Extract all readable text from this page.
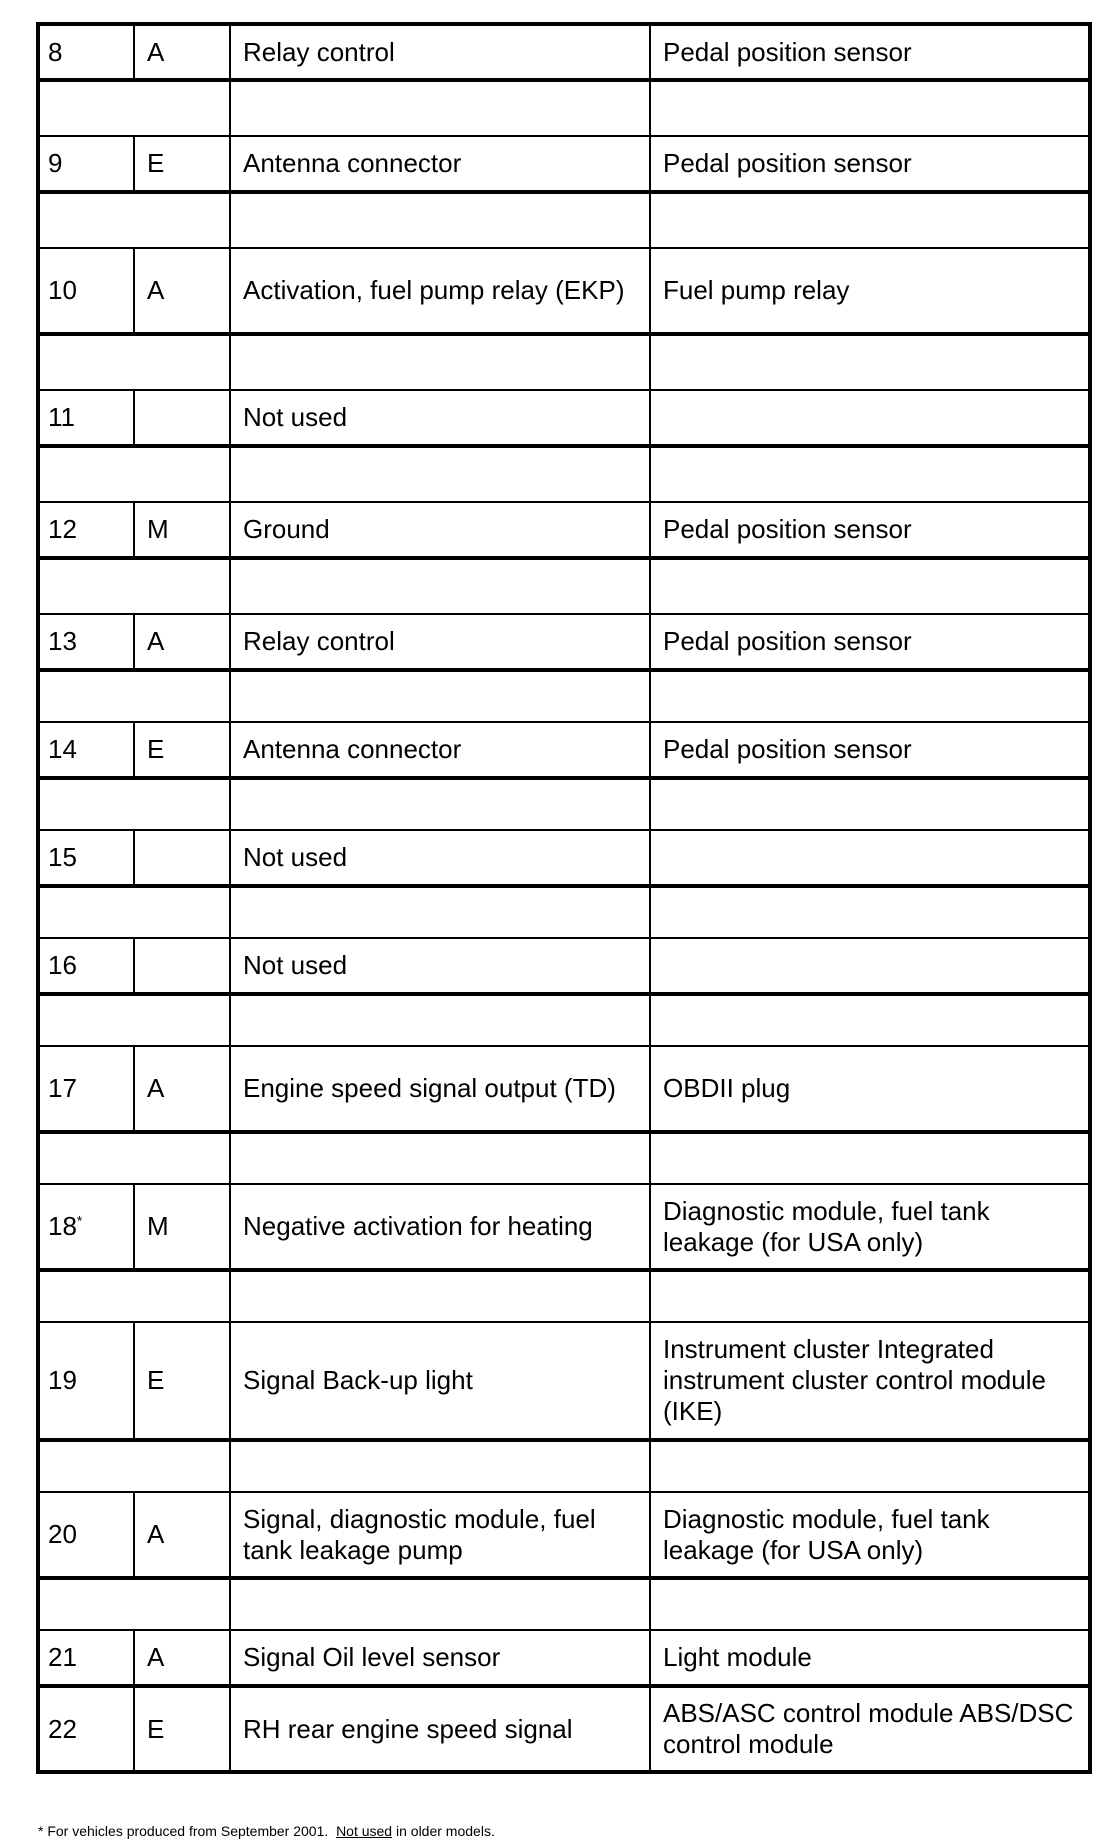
8	A	Relay control	Pedal position sensor

9	E	Antenna connector	Pedal position sensor

10	A	Activation, fuel pump relay (EKP)	Fuel pump relay

11		Not used	

12	M	Ground	Pedal position sensor

13	A	Relay control	Pedal position sensor

14	E	Antenna connector	Pedal position sensor

15		Not used	

16		Not used	

17	A	Engine speed signal output (TD)	OBDII plug

18*	M	Negative activation for heating	Diagnostic module, fuel tank leakage (for USA only)

19	E	Signal Back-up light	Instrument cluster Integrated instrument cluster control module (IKE)

20	A	Signal, diagnostic module, fuel tank leakage pump	Diagnostic module, fuel tank leakage (for USA only)

21	A	Signal Oil level sensor	Light module
22	E	RH rear engine speed signal	ABS/ASC control module ABS/DSC control module
* For vehicles produced from September 2001. Not used in older models.
